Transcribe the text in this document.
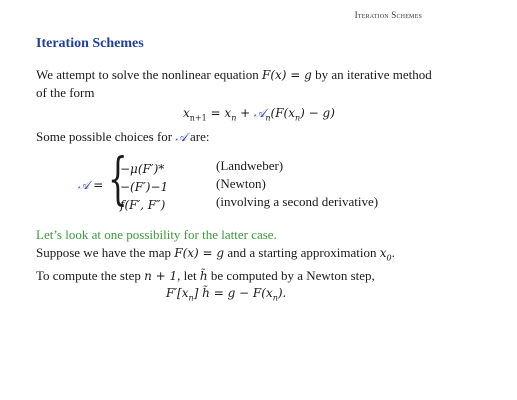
Iteration Schemes
Iteration Schemes
We attempt to solve the nonlinear equation F(x) = g by an iterative method of the form
$x_{n+1} = x_n$ + $𝒜_n(F(x_n) - g)$
Some possible choices for 𝒜 are:
𝒜 = {
−μ(F′)*	(Landweber)
−(F′)−1	(Newton)
f(F′, F″)	(involving a second derivative)
Let’s look at one possibility for the latter case.
Suppose we have the map F(x) = g and a starting approximation $x_0$.
To compute the step n + 1, let h̃ be computed by a Newton step,
$F'[x_n]$ h̃ = $g - F(x_n)$.
